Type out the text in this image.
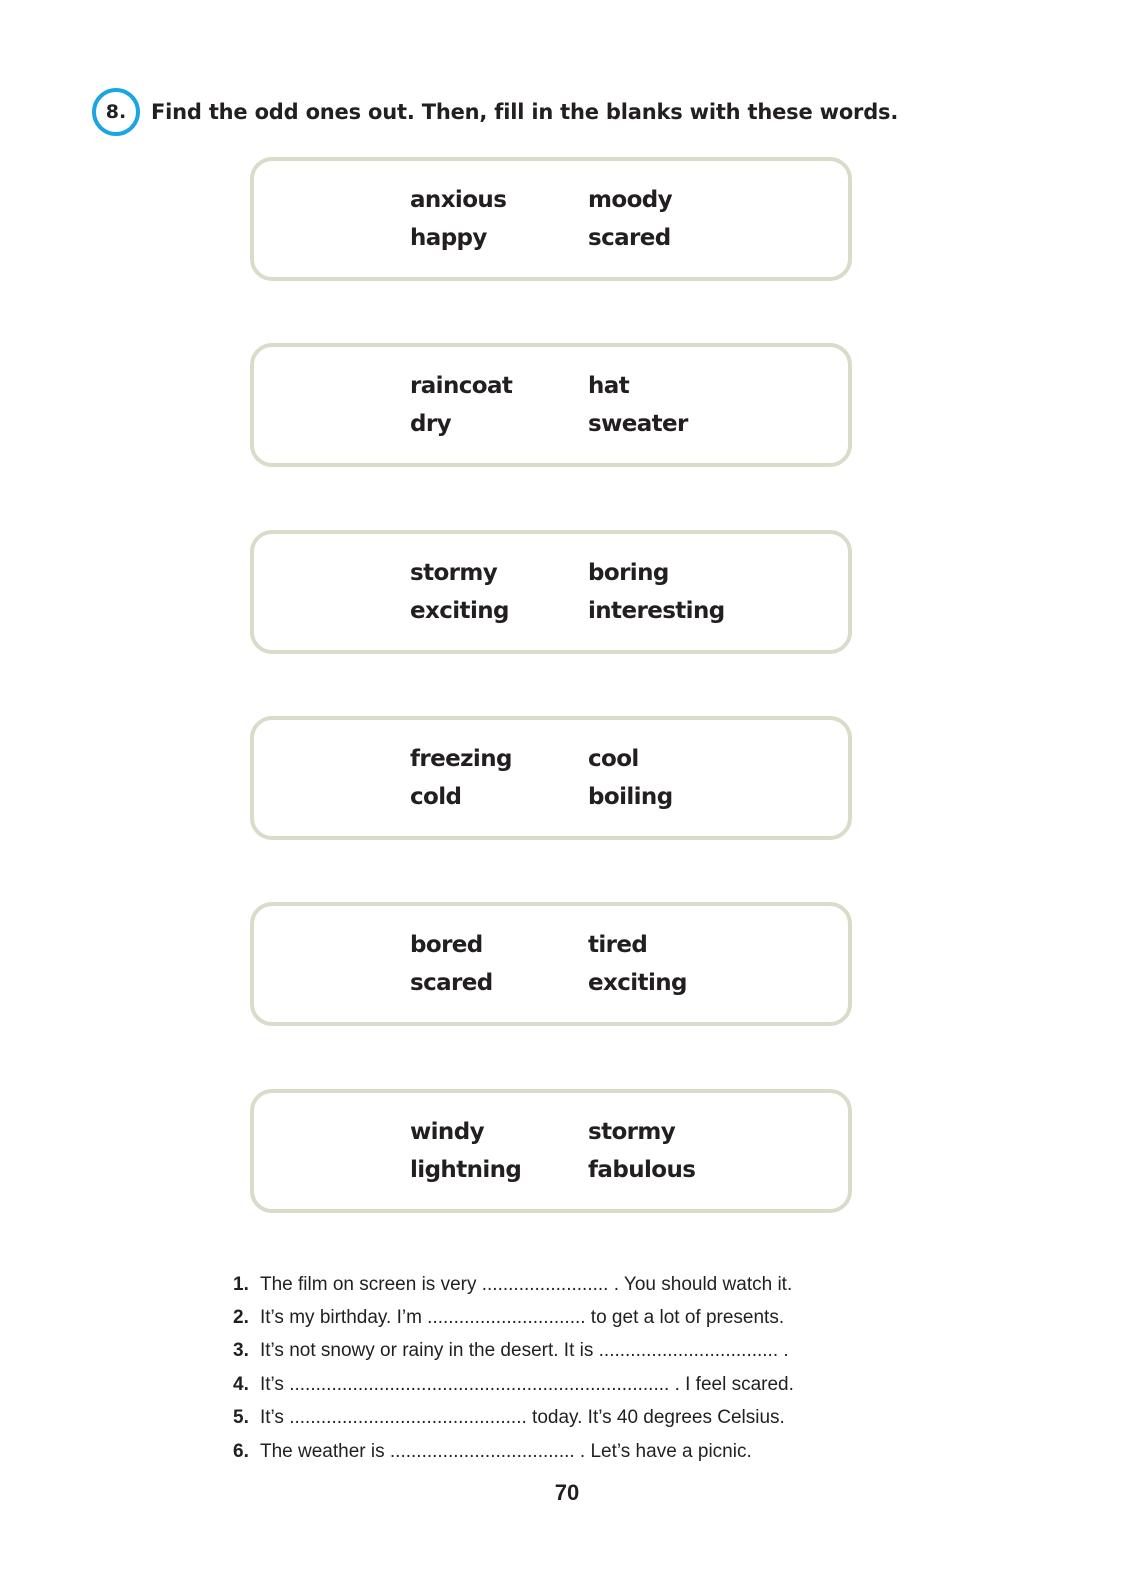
8.	Find the odd ones out. Then, fill in the blanks with these words.
anxious	moody
happy	scared
raincoat	hat
dry	sweater
stormy	boring
exciting	interesting
freezing	cool
cold	boiling
bored	tired
scared	exciting
windy	stormy
lightning	fabulous
1. The film on screen is very ........................ . You should watch it.
2. It’s my birthday. I’m .............................. to get a lot of presents.
3. It’s not snowy or rainy in the desert. It is .................................. .
4. It’s ........................................................................ . I feel scared.
5. It’s ............................................. today. It’s 40 degrees Celsius.
6. The weather is ................................... . Let’s have a picnic.
70
